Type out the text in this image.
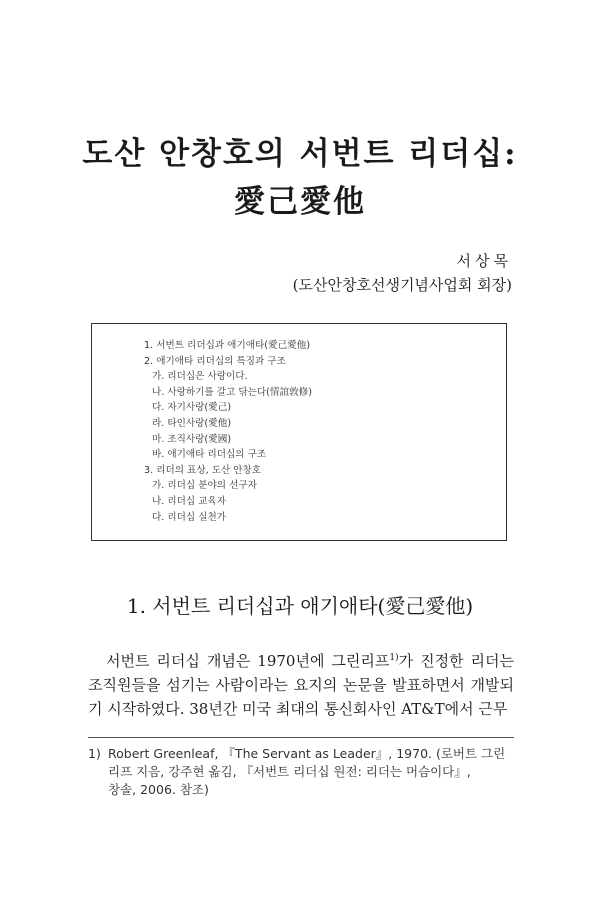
도산 안창호의 서번트 리더십:
愛己愛他
서상목
(도산안창호선생기념사업회 회장)
1. 서번트 리더십과 애기애타(愛己愛他)
2. 애기애타 리더십의 특징과 구조
가. 리더십은 사랑이다.
나. 사랑하기를 갈고 닦는다(情誼敦修)
다. 자기사랑(愛己)
라. 타인사랑(愛他)
마. 조직사랑(愛國)
바. 애기애타 리더십의 구조
3. 리더의 표상, 도산 안창호
가. 리더십 분야의 선구자
나. 리더십 교육자
다. 리더십 실천가
1. 서번트 리더십과 애기애타(愛己愛他)

서번트 리더십 개념은 1970년에 그린리프$^{1)}$가 진정한 리더는 조직원들을 섬기는 사람이라는 요지의 논문을 발표하면서 개발되기 시작하였다. 38년간 미국 최대의 통신회사인 AT&T에서 근무

1) Robert Greenleaf, 『The Servant as Leader』, 1970. (로버트 그린
리프 지음, 강주현 옮김, 『서번트 리더십 원전: 리더는 머슴이다』,
창솔, 2006. 참조)
